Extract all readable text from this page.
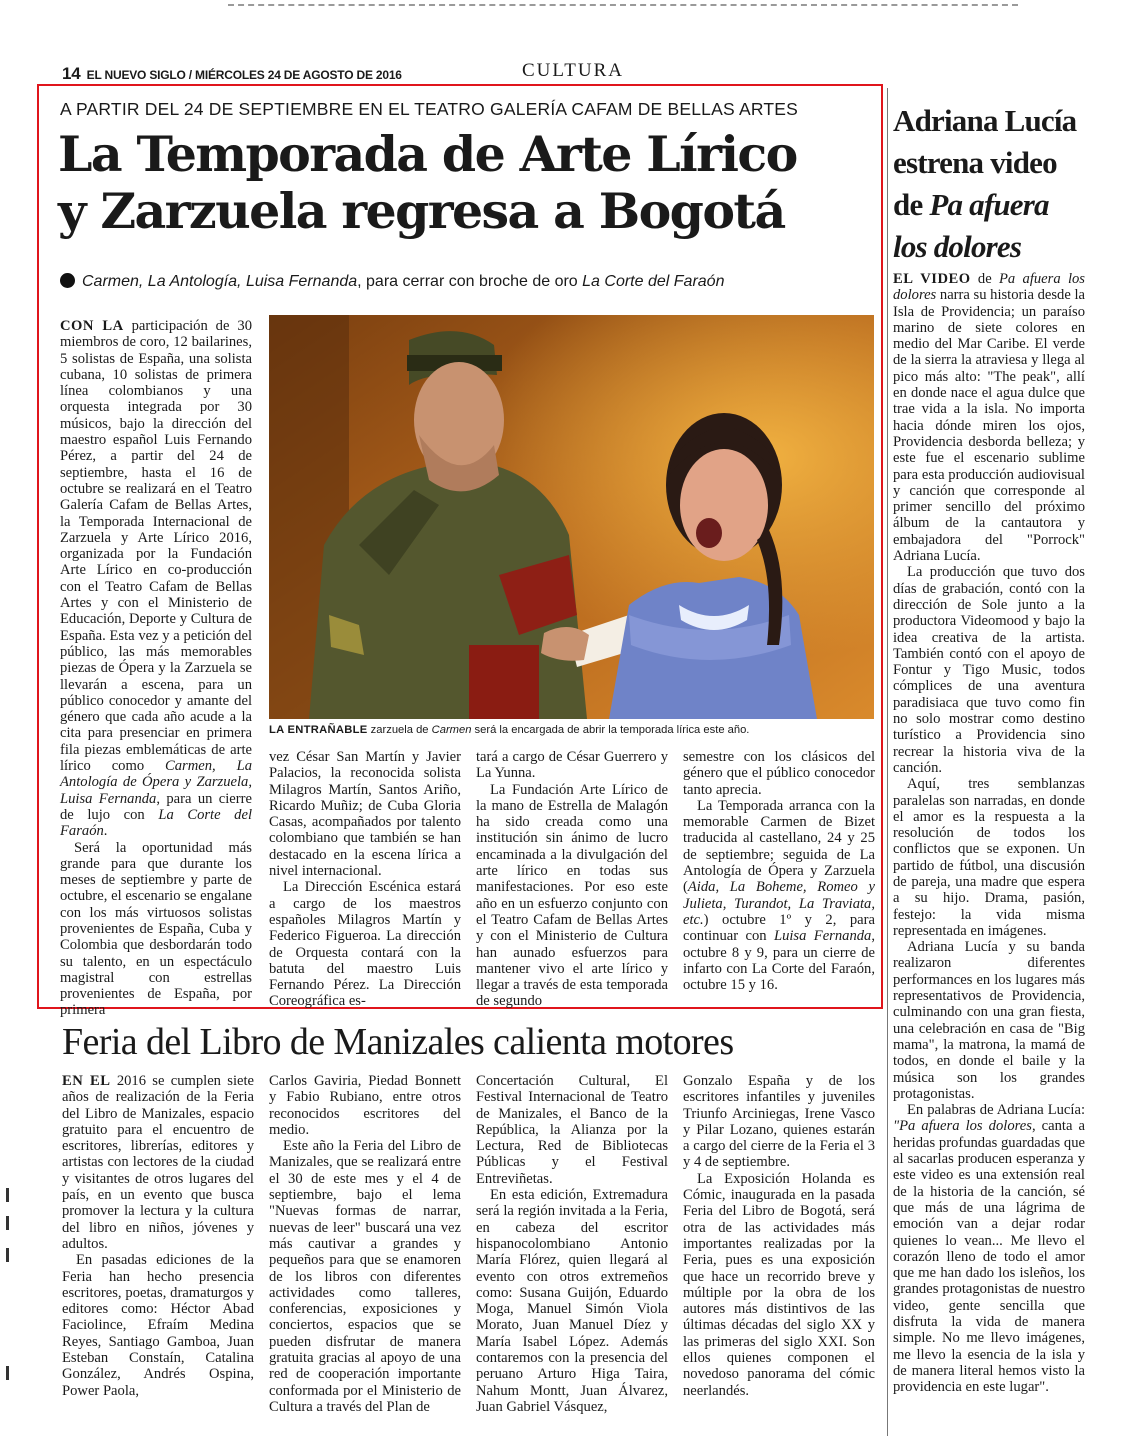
14 EL NUEVO SIGLO / MIÉRCOLES 24 DE AGOSTO DE 2016	CULTURA
A PARTIR DEL 24 DE SEPTIEMBRE EN EL TEATRO GALERÍA CAFAM DE BELLAS ARTES
La Temporada de Arte Lírico
y Zarzuela regresa a Bogotá
Carmen, La Antología, Luisa Fernanda, para cerrar con broche de oro La Corte del Faraón

CON LA participación de 30 miembros de coro, 12 bailarines, 5 solistas de España, una solista cubana, 10 solistas de primera línea colombianos y una orquesta integrada por 30 músicos, bajo la dirección del maestro español Luis Fernando Pérez, a partir del 24 de septiembre, hasta el 16 de octubre se realizará en el Teatro Galería Cafam de Bellas Artes, la Temporada Internacional de Zarzuela y Arte Lírico 2016, organizada por la Fundación Arte Lírico en co-producción con el Teatro Cafam de Bellas Artes y con el Ministerio de Educación, Deporte y Cultura de España. Esta vez y a petición del público, las más memorables piezas de Ópera y la Zarzuela se llevarán a escena, para un público conocedor y amante del género que cada año acude a la cita para presenciar en primera fila piezas emblemáticas de arte lírico como Carmen, La Antología de Ópera y Zarzuela, Luisa Fernanda, para un cierre de lujo con La Corte del Faraón.

Será la oportunidad más grande para que durante los meses de septiembre y parte de octubre, el escenario se engalane con los más virtuosos solistas provenientes de España, Cuba y Colombia que desbordarán todo su talento, en un espectáculo magistral con estrellas provenientes de España, por primera

LA ENTRAÑABLE zarzuela de Carmen será la encargada de abrir la temporada lírica este año.

vez César San Martín y Javier Palacios, la reconocida solista Milagros Martín, Santos Ariño, Ricardo Muñiz; de Cuba Gloria Casas, acompañados por talento colombiano que también se han destacado en la escena lírica a nivel internacional.

La Dirección Escénica estará a cargo de los maestros españoles Milagros Martín y Federico Figueroa. La dirección de Orquesta contará con la batuta del maestro Luis Fernando Pérez. La Dirección Coreográfica es-

tará a cargo de César Guerrero y La Yunna.

La Fundación Arte Lírico de la mano de Estrella de Malagón ha sido creada como una institución sin ánimo de lucro encaminada a la divulgación del arte lírico en todas sus manifestaciones. Por eso este año en un esfuerzo conjunto con el Teatro Cafam de Bellas Artes y con el Ministerio de Cultura han aunado esfuerzos para mantener vivo el arte lírico y llegar a través de esta temporada de segundo

semestre con los clásicos del género que el público conocedor tanto aprecia.

La Temporada arranca con la memorable Carmen de Bizet traducida al castellano, 24 y 25 de septiembre; seguida de La Antología de Ópera y Zarzuela (Aida, La Boheme, Romeo y Julieta, Turandot, La Traviata, etc.) octubre 1º y 2, para continuar con Luisa Fernanda, octubre 8 y 9, para un cierre de infarto con La Corte del Faraón, octubre 15 y 16.

Adriana Lucía
estrena video
de Pa afuera
los dolores

EL VIDEO de Pa afuera los dolores narra su historia desde la Isla de Providencia; un paraíso marino de siete colores en medio del Mar Caribe. El verde de la sierra la atraviesa y llega al pico más alto: "The peak", allí en donde nace el agua dulce que trae vida a la isla. No importa hacia dónde miren los ojos, Providencia desborda belleza; y este fue el escenario sublime para esta producción audiovisual y canción que corresponde al primer sencillo del próximo álbum de la cantautora y embajadora del "Porrock" Adriana Lucía.

La producción que tuvo dos días de grabación, contó con la dirección de Sole junto a la productora Videomood y bajo la idea creativa de la artista. También contó con el apoyo de Fontur y Tigo Music, todos cómplices de una aventura paradisiaca que tuvo como fin no solo mostrar como destino turístico a Providencia sino recrear la historia viva de la canción.

Aquí, tres semblanzas paralelas son narradas, en donde el amor es la respuesta a la resolución de todos los conflictos que se exponen. Un partido de fútbol, una discusión de pareja, una madre que espera a su hijo. Drama, pasión, festejo: la vida misma representada en imágenes.

Adriana Lucía y su banda realizaron diferentes performances en los lugares más representativos de Providencia, culminando con una gran fiesta, una celebración en casa de "Big mama", la matrona, la mamá de todos, en donde el baile y la música son los grandes protagonistas.

En palabras de Adriana Lucía: "Pa afuera los dolores, canta a heridas profundas guardadas que al sacarlas producen esperanza y este video es una extensión real de la historia de la canción, sé que más de una lágrima de emoción van a dejar rodar quienes lo vean... Me llevo el corazón lleno de todo el amor que me han dado los isleños, los grandes protagonistas de nuestro video, gente sencilla que disfruta la vida de manera simple. No me llevo imágenes, me llevo la esencia de la isla y de manera literal hemos visto la providencia en este lugar".

Feria del Libro de Manizales calienta motores

EN EL 2016 se cumplen siete años de realización de la Feria del Libro de Manizales, espacio gratuito para el encuentro de escritores, librerías, editores y artistas con lectores de la ciudad y visitantes de otros lugares del país, en un evento que busca promover la lectura y la cultura del libro en niños, jóvenes y adultos.

En pasadas ediciones de la Feria han hecho presencia escritores, poetas, dramaturgos y editores como: Héctor Abad Faciolince, Efraím Medina Reyes, Santiago Gamboa, Juan Esteban Constaín, Catalina González, Andrés Ospina, Power Paola,

Carlos Gaviria, Piedad Bonnett y Fabio Rubiano, entre otros reconocidos escritores del medio.

Este año la Feria del Libro de Manizales, que se realizará entre el 30 de este mes y el 4 de septiembre, bajo el lema "Nuevas formas de narrar, nuevas de leer" buscará una vez más cautivar a grandes y pequeños para que se enamoren de los libros con diferentes actividades como talleres, conferencias, exposiciones y conciertos, espacios que se pueden disfrutar de manera gratuita gracias al apoyo de una red de cooperación importante conformada por el Ministerio de Cultura a través del Plan de

Concertación Cultural, El Festival Internacional de Teatro de Manizales, el Banco de la República, la Alianza por la Lectura, Red de Bibliotecas Públicas y el Festival Entreviñetas.

En esta edición, Extremadura será la región invitada a la Feria, en cabeza del escritor hispanocolombiano Antonio María Flórez, quien llegará al evento con otros extremeños como: Susana Guijón, Eduardo Moga, Manuel Simón Viola Morato, Juan Manuel Díez y María Isabel López. Además contaremos con la presencia del peruano Arturo Higa Taira, Nahum Montt, Juan Álvarez, Juan Gabriel Vásquez,

Gonzalo España y de los escritores infantiles y juveniles Triunfo Arciniegas, Irene Vasco y Pilar Lozano, quienes estarán a cargo del cierre de la Feria el 3 y 4 de septiembre.

La Exposición Holanda es Cómic, inaugurada en la pasada Feria del Libro de Bogotá, será otra de las actividades más importantes realizadas por la Feria, pues es una exposición que hace un recorrido breve y múltiple por la obra de los autores más distintivos de las últimas décadas del siglo XX y las primeras del siglo XXI. Son ellos quienes componen el novedoso panorama del cómic neerlandés.
